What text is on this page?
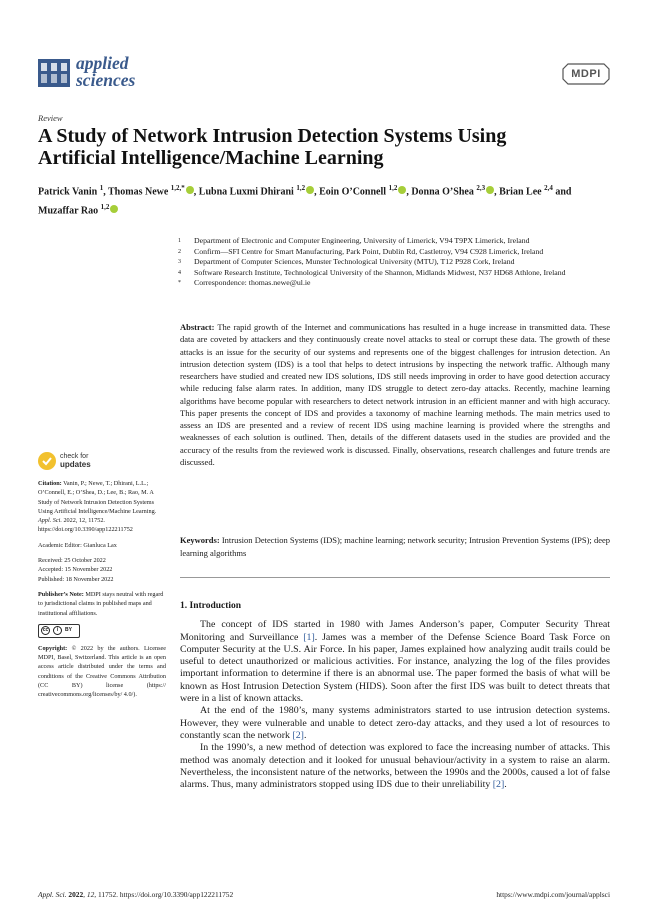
applied
sciences	MDPI
Review
A Study of Network Intrusion Detection Systems Using Artificial Intelligence/Machine Learning
Patrick Vanin $^1$, Thomas Newe $^{1,2,*}$ , Lubna Luxmi Dhirani $^{1,2}$ , Eoin O’Connell $^{1,2}$ , Donna O’Shea $^{2,3}$ , Brian Lee $^{2,4}$ and Muzaffar Rao $^{1,2}$
1	Department of Electronic and Computer Engineering, University of Limerick, V94 T9PX Limerick, Ireland
2	Confirm—SFI Centre for Smart Manufacturing, Park Point, Dublin Rd, Castletroy, V94 C928 Limerick, Ireland
3	Department of Computer Sciences, Munster Technological University (MTU), T12 P928 Cork, Ireland
4	Software Research Institute, Technological University of the Shannon, Midlands Midwest, N37 HD68 Athlone, Ireland
*	Correspondence: thomas.newe@ul.ie
Abstract: The rapid growth of the Internet and communications has resulted in a huge increase in transmitted data. These data are coveted by attackers and they continuously create novel attacks to steal or corrupt these data. The growth of these attacks is an issue for the security of our systems and represents one of the biggest challenges for intrusion detection. An intrusion detection system (IDS) is a tool that helps to detect intrusions by inspecting the network traffic. Although many researchers have studied and created new IDS solutions, IDS still needs improving in order to have good detection accuracy while reducing false alarm rates. In addition, many IDS struggle to detect zero-day attacks. Recently, machine learning algorithms have become popular with researchers to detect network intrusion in an efficient manner and with high accuracy. This paper presents the concept of IDS and provides a taxonomy of machine learning methods. The main metrics used to assess an IDS are presented and a review of recent IDS using machine learning is provided where the strengths and weaknesses of each solution is outlined. Then, details of the different datasets used in the studies are provided and the accuracy of the results from the reviewed work is discussed. Finally, observations, research challenges and future trends are discussed.
Keywords: Intrusion Detection Systems (IDS); machine learning; network security; Intrusion Prevention Systems (IPS); deep learning algorithms
check for
updates
Citation: Vanin, P.; Newe, T.; Dhirani, L.L.; O’Connell, E.; O’Shea, D.; Lee, B.; Rao, M. A Study of Network Intrusion Detection Systems Using Artificial Intelligence/Machine Learning. Appl. Sci. 2022, 12, 11752. https://doi.org/10.3390/app122211752
Academic Editor: Gianluca Lax
Received: 25 October 2022
Accepted: 15 November 2022
Published: 18 November 2022
Publisher’s Note: MDPI stays neutral with regard to jurisdictional claims in published maps and institutional affiliations.
cc	i	BY
Copyright: © 2022 by the authors. Licensee MDPI, Basel, Switzerland. This article is an open access article distributed under the terms and conditions of the Creative Commons Attribution (CC BY) license (https:// creativecommons.org/licenses/by/ 4.0/).
1. Introduction

The concept of IDS started in 1980 with James Anderson’s paper, Computer Security Threat Monitoring and Surveillance [1]. James was a member of the Defense Science Board Task Force on Computer Security at the U.S. Air Force. In his paper, James explained how analyzing audit trails could be useful to detect unauthorized or malicious activities. For instance, analyzing the log of the files provides important information to determine if there is an abnormal use. The paper formed the basis of what will be known as Host Intrusion Detection System (HIDS). Soon after the first IDS was built to detect threats that were in a list of known attacks.

At the end of the 1980’s, many systems administrators started to use intrusion detection systems. However, they were vulnerable and unable to detect zero-day attacks, and they used a lot of resources to constantly scan the network [2].

In the 1990’s, a new method of detection was explored to face the increasing number of attacks. This method was anomaly detection and it looked for unusual behaviour/activity in a system to raise an alarm. Nevertheless, the inconsistent nature of the networks, between the 1990s and the 2000s, caused a lot of false alarms. Thus, many administrators stopped using IDS due to their unreliability [2].

Appl. Sci. 2022, 12, 11752. https://doi.org/10.3390/app122211752	https://www.mdpi.com/journal/applsci
